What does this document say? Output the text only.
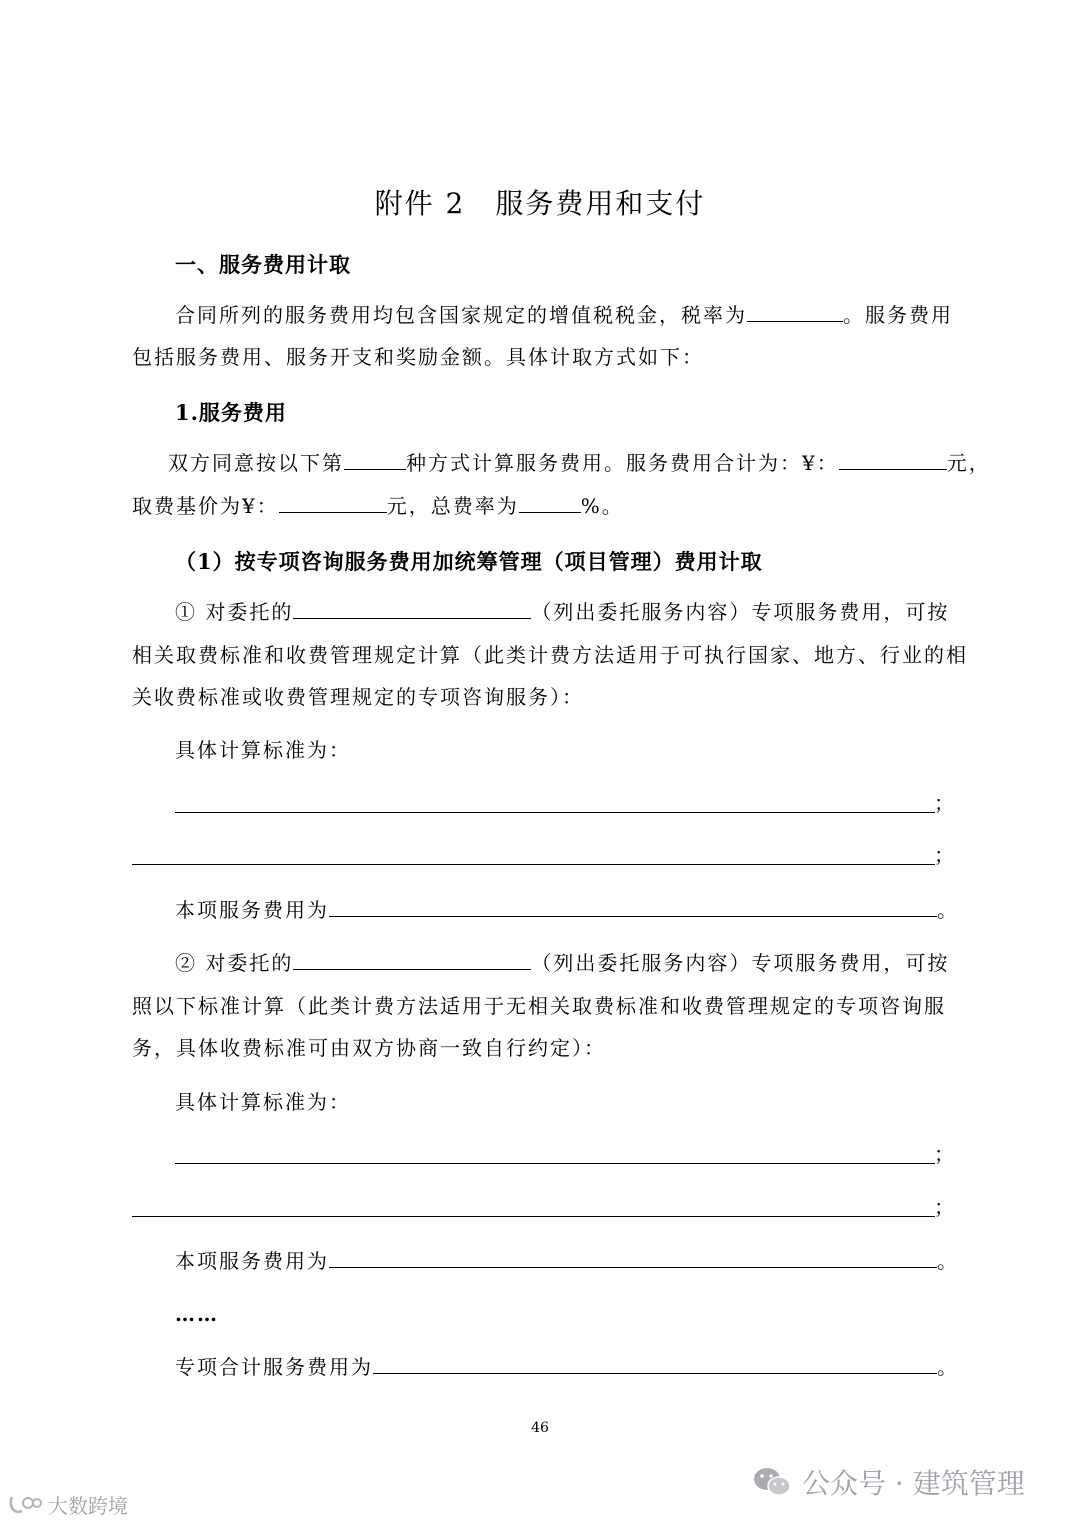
附件 2　服务费用和支付
一、服务费用计取
合同所列的服务费用均包含国家规定的增值税税金，税率为	。服务费用
包括服务费用、服务开支和奖励金额。具体计取方式如下：
1.服务费用
双方同意按以下第	种方式计算服务费用。服务费用合计为：¥：	元，
取费基价为¥：	元，总费率为	%。
（1）按专项咨询服务费用加统筹管理（项目管理）费用计取
① 对委托的	（列出委托服务内容）专项服务费用，可按
相关取费标准和收费管理规定计算（此类计费方法适用于可执行国家、地方、行业的相
关收费标准或收费管理规定的专项咨询服务）：
具体计算标准为：
；
；
本项服务费用为	。
② 对委托的	（列出委托服务内容）专项服务费用，可按
照以下标准计算（此类计费方法适用于无相关取费标准和收费管理规定的专项咨询服
务，具体收费标准可由双方协商一致自行约定）：
具体计算标准为：
；
；
本项服务费用为	。
……
专项合计服务费用为	。
46
大数跨境
公众号 · 建筑管理
